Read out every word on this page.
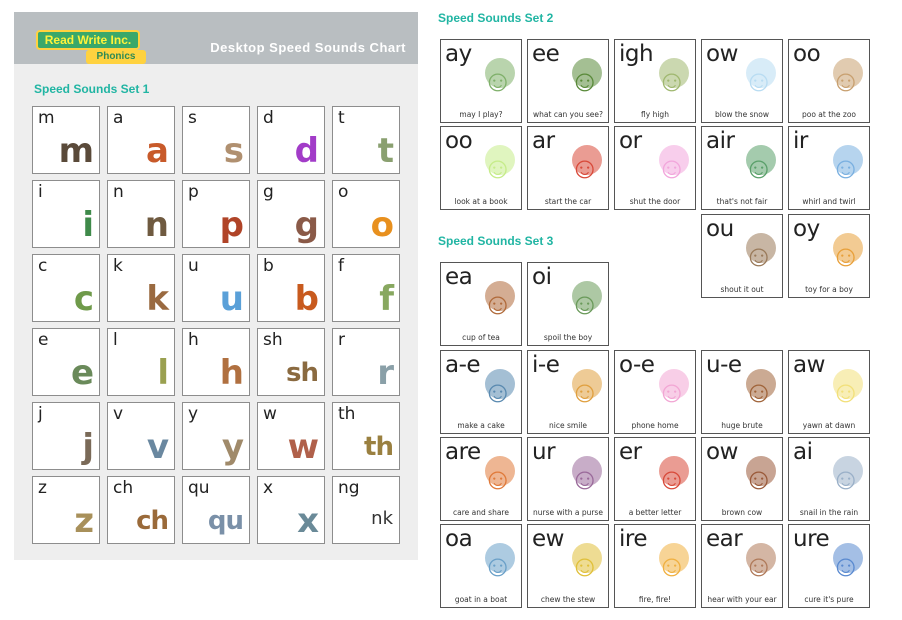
Read Write Inc.
Phonics
Desktop Speed Sounds Chart
Speed Sounds Set 1
m
m
a
a
s
s
d
d
t
t
i
i
n
n
p
p
g
g
o
o
c
c
k
k
u
u
b
b
f
f
e
e
l
l
h
h
sh
sh
r
r
j
j
v
v
y
y
w
w
th
th
z
z
ch
ch
qu
qu
x
x
ng
nk
Speed Sounds Set 2
Speed Sounds Set 3
☺
ay
may I play?
☺
ee
what can you see?
☺
igh
fly high
☺
ow
blow the snow
☺
oo
poo at the zoo
☺
oo
look at a book
☺
ar
start the car
☺
or
shut the door
☺
air
that's not fair
☺
ir
whirl and twirl
☺
ou
shout it out
☺
oy
toy for a boy
☺
ea
cup of tea
☺
oi
spoil the boy
☺
a-e
make a cake
☺
i-e
nice smile
☺
o-e
phone home
☺
u-e
huge brute
☺
aw
yawn at dawn
☺
are
care and share
☺
ur
nurse with a purse
☺
er
a better letter
☺
ow
brown cow
☺
ai
snail in the rain
☺
oa
goat in a boat
☺
ew
chew the stew
☺
ire
fire, fire!
☺
ear
hear with your ear
☺
ure
cure it's pure
